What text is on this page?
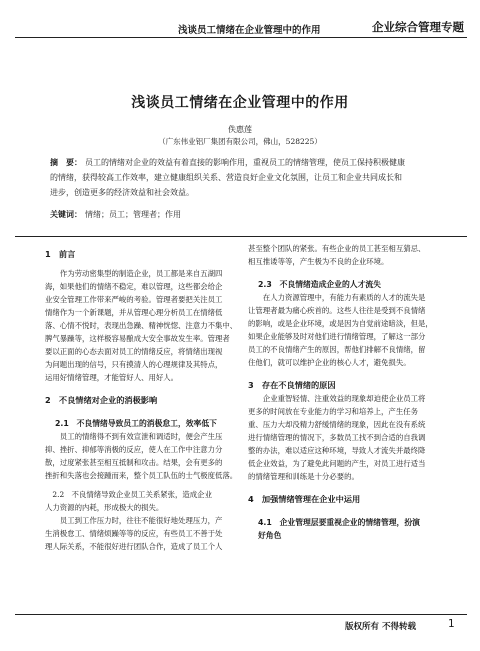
浅谈员工情绪在企业管理中的作用	企业综合管理专题
浅谈员工情绪在企业管理中的作用
佚惠莲
（广东伟业铝厂集团有限公司，佛山，528225）
摘　要： 员工的情绪对企业的效益有着直接的影响作用，重视员工的情绪管理，使员工保持积极健康
的情绪，获得较高工作效率，建立健康组织关系、营造良好企业文化氛围，让员工和企业共同成长和
进步，创造更多的经济效益和社会效益。
关键词： 情绪；员工；管理者；作用
1　前言
作为劳动密集型的制造企业，员工都是来自五湖四
海，如果他们的情绪不稳定，难以管理，这些都会给企
业安全管理工作带来严峻的考验。管理者要把关注员工
情绪作为一个新课题，并从管理心理分析员工在情绪低
落、心情不悦时，表现出急躁、精神恍惚、注意力不集中、
脾气暴躁等，这样极容易酿成大安全事故发生率。管理者
要以正面的心态去面对员工的情绪反应，将情绪出现视
为问题出现的信号，只有摸清人的心理规律及其特点，
运用好情绪管理，才能管好人、用好人。
2　不良情绪对企业的消极影响
2.1　不良情绪导致员工的消极怠工，效率低下
员工的情绪得不到有效宣泄和调适时，便会产生压
抑、挫折、抑郁等消极的反应，使人在工作中注意力分
散，过度紧张甚至相互抵制和攻击。结果，会有更多的
挫折和失落也会接踵而来，整个员工队伍的士气极度低落。
2.2　不良情绪导致企业员工关系紧张，造成企业
人力资源的内耗，形成极大的损失。
员工到工作压力时，往往不能很好地处理压力，产
生消极怠工、情绪烦躁等等的反应，有些员工不善于处
理人际关系，不能很好进行团队合作，造成了员工个人
甚至整个团队的紧张。有些企业的员工甚至相互猜忌、
相互推诿等等，产生极为不良的企业环境。
2.3　不良情绪造成企业的人才流失
在人力资源管理中，有能力有素质的人才的流失是
让管理者最为痛心疾首的。这些人往往是受到不良情绪
的影响，或是企业环境，或是因为自觉前途暗淡，但是，
如果企业能够及时对他们进行情绪管理，了解这一部分
员工的不良情绪产生的原因，帮他们排解不良情绪，留
住他们，就可以维护企业的核心人才，避免损失。
3　存在不良情绪的原因
企业重智轻情、注重效益的现象却迫使企业员工将
更多的时间放在专业能力的学习和培养上，产生任务
重、压力大却没精力舒缓情绪的现象，因此在没有系统
进行情绪管理的情况下，多数员工找不到合适的自我调
整的办法，难以适应这种环境，导致人才流失并最终降
低企业效益，为了避免此问题的产生，对员工进行适当
的情绪管理和训练是十分必要的。
4　加强情绪管理在企业中运用
4.1　企业管理层要重视企业的情绪管理，扮演
好角色
版权所有 不得转载	1
